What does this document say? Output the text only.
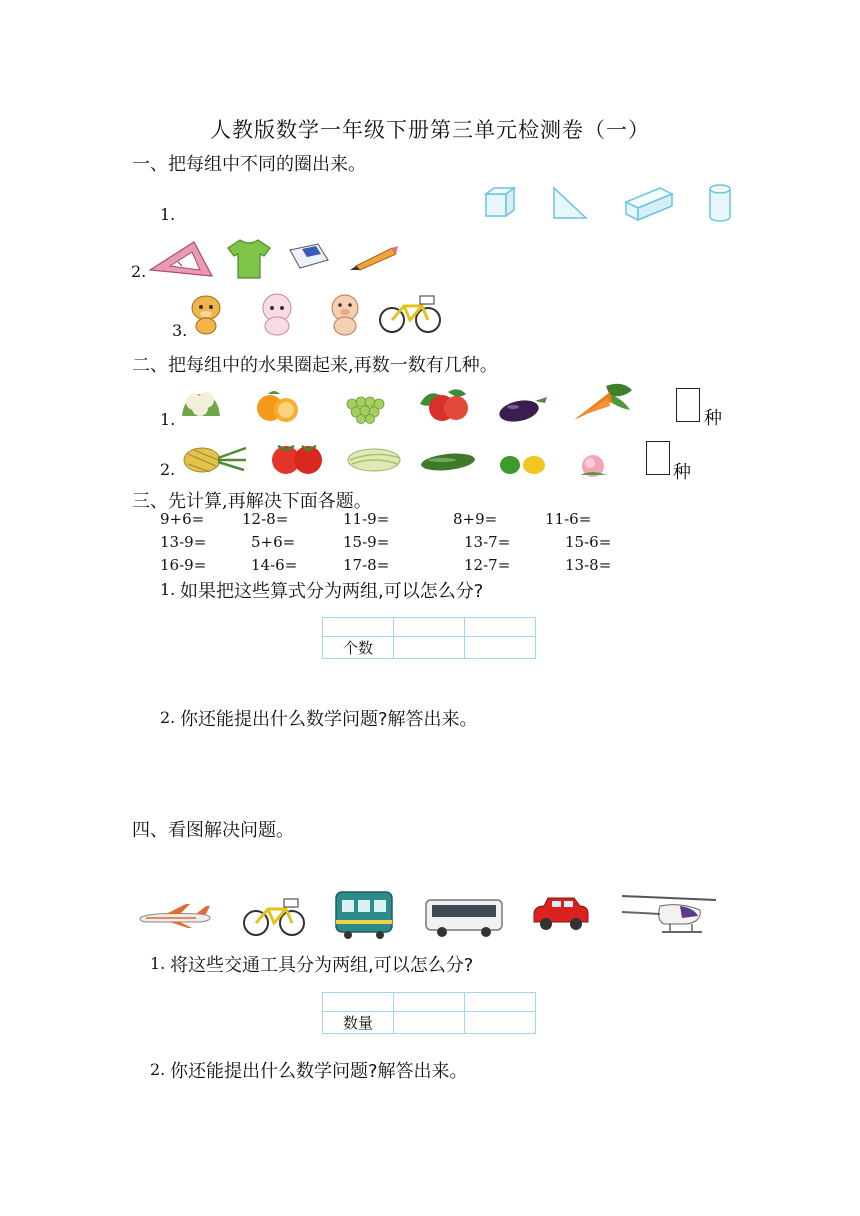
人教版数学一年级下册第三单元检测卷（一）
一、把每组中不同的圈出来。
1.
2.
3.
二、把每组中的水果圈起来,再数一数有几种。
1.	种
2.	种
三、先计算,再解决下面各题。
9+6=	12-8=	11-9=	8+9=	11-6=
13-9=	5+6=	15-9=	13-7=	15-6=
16-9=	14-6=	17-8=	12-7=	13-8=
1. 如果把这些算式分为两组,可以怎么分?

个数		
2. 你还能提出什么数学问题?解答出来。
四、看图解决问题。
1. 将这些交通工具分为两组,可以怎么分?

数量		
2. 你还能提出什么数学问题?解答出来。
